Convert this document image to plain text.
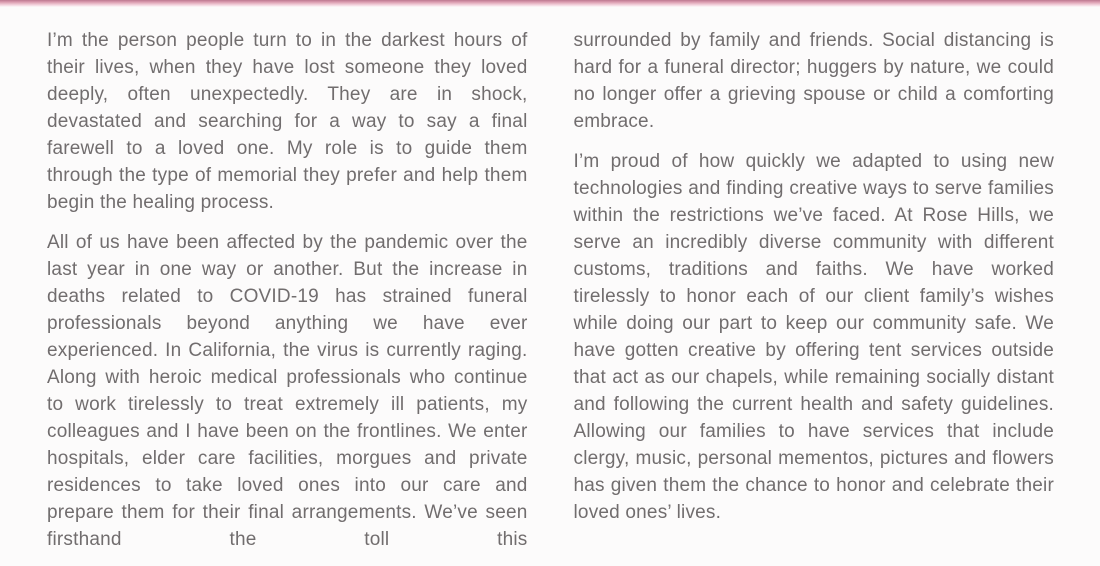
I’m the person people turn to in the darkest hours of their lives, when they have lost someone they loved deeply, often unexpectedly. They are in shock, devastated and searching for a way to say a final farewell to a loved one. My role is to guide them through the type of memorial they prefer and help them begin the healing process.

All of us have been affected by the pandemic over the last year in one way or another. But the increase in deaths related to COVID-19 has strained funeral professionals beyond anything we have ever experienced. In California, the virus is currently raging. Along with heroic medical professionals who continue to work tirelessly to treat extremely ill patients, my colleagues and I have been on the frontlines. We enter hospitals, elder care facilities, morgues and private residences to take loved ones into our care and prepare them for their final arrangements. We’ve seen firsthand the toll this

surrounded by family and friends. Social distancing is hard for a funeral director; huggers by nature, we could no longer offer a grieving spouse or child a comforting embrace.

I’m proud of how quickly we adapted to using new technologies and finding creative ways to serve families within the restrictions we’ve faced. At Rose Hills, we serve an incredibly diverse community with different customs, traditions and faiths. We have worked tirelessly to honor each of our client family’s wishes while doing our part to keep our community safe. We have gotten creative by offering tent services outside that act as our chapels, while remaining socially distant and following the current health and safety guidelines. Allowing our families to have services that include clergy, music, personal mementos, pictures and flowers has given them the chance to honor and celebrate their loved ones’ lives.
